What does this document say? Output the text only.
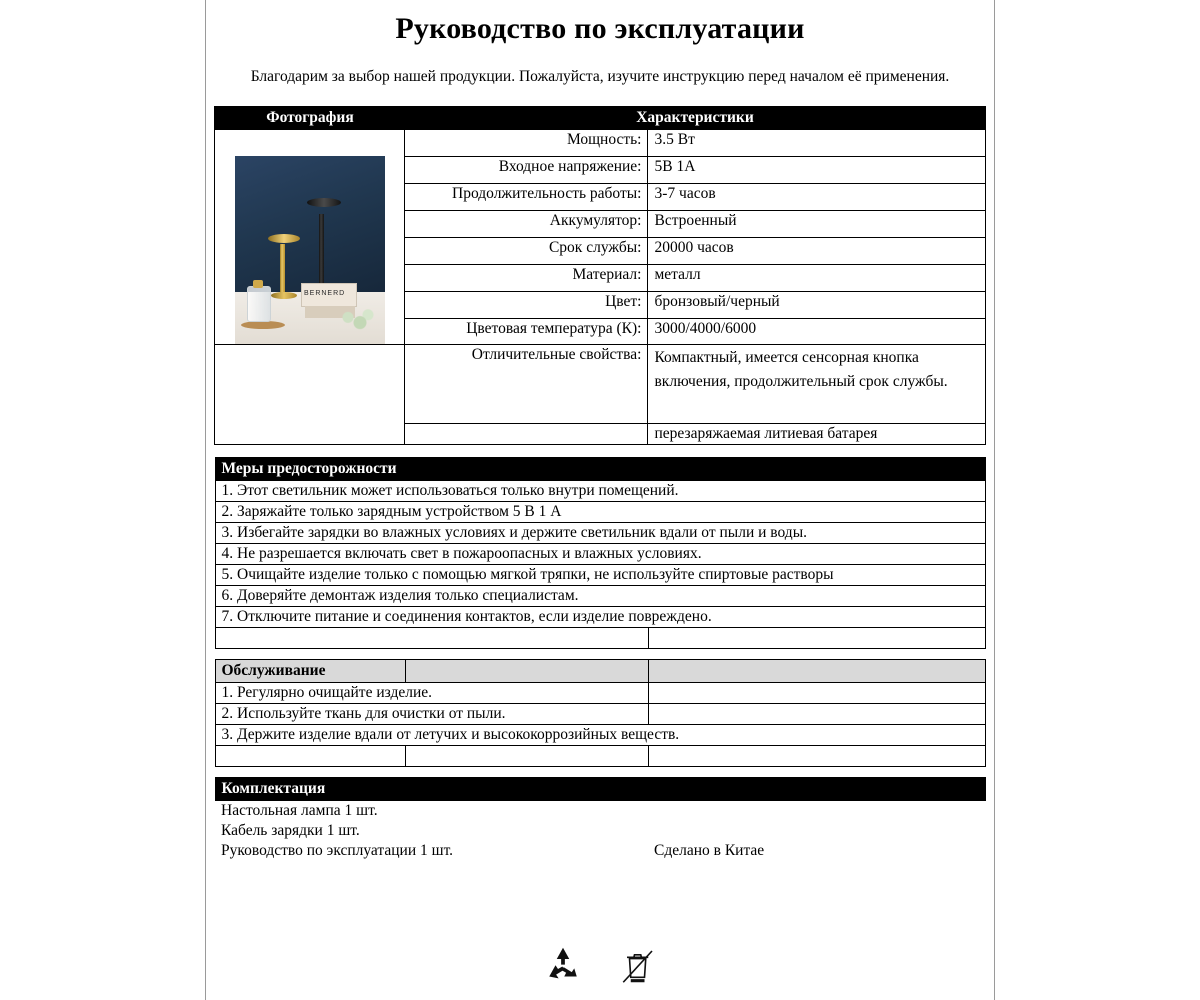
Руководство по эксплуатации

Благодарим за выбор нашей продукции. Пожалуйста, изучите инструкцию перед началом её применения.

Фотография	Характеристики	

BERNERD	Мощность:	3.5 Вт
	Входное напряжение:	5В 1А
	Продолжительность работы:	3-7 часов
	Аккумулятор:	Встроенный
	Срок службы:	20000 часов
	Материал:	металл
	Цвет:	бронзовый/черный
	Цветовая температура (К):	3000/4000/6000
	Отличительные свойства:	Компактный, имеется сенсорная кнопка включения, продолжительный срок службы.
		перезаряжаемая литиевая батарея
Меры предосторожности	
1. Этот светильник может использоваться только внутри помещений.	
2. Заряжайте только зарядным устройством 5 В 1 А	
3. Избегайте зарядки во влажных условиях и держите светильник вдали от пыли и воды.	
4. Не разрешается включать свет в пожароопасных и влажных условиях.	
5. Очищайте изделие только с помощью мягкой тряпки, не используйте спиртовые растворы	
6. Доверяйте демонтаж изделия только специалистам.	
7. Отключите питание и соединения контактов, если изделие повреждено.	

Обслуживание		
1. Регулярно очищайте изделие.		
2. Используйте ткань для очистки от пыли.		
3. Держите изделие вдали от летучих и высококоррозийных веществ.		

Комплектация		
Настольная лампа 1 шт.		
Кабель зарядки 1 шт.		
Руководство по эксплуатации 1 шт.		Сделано в Китае
